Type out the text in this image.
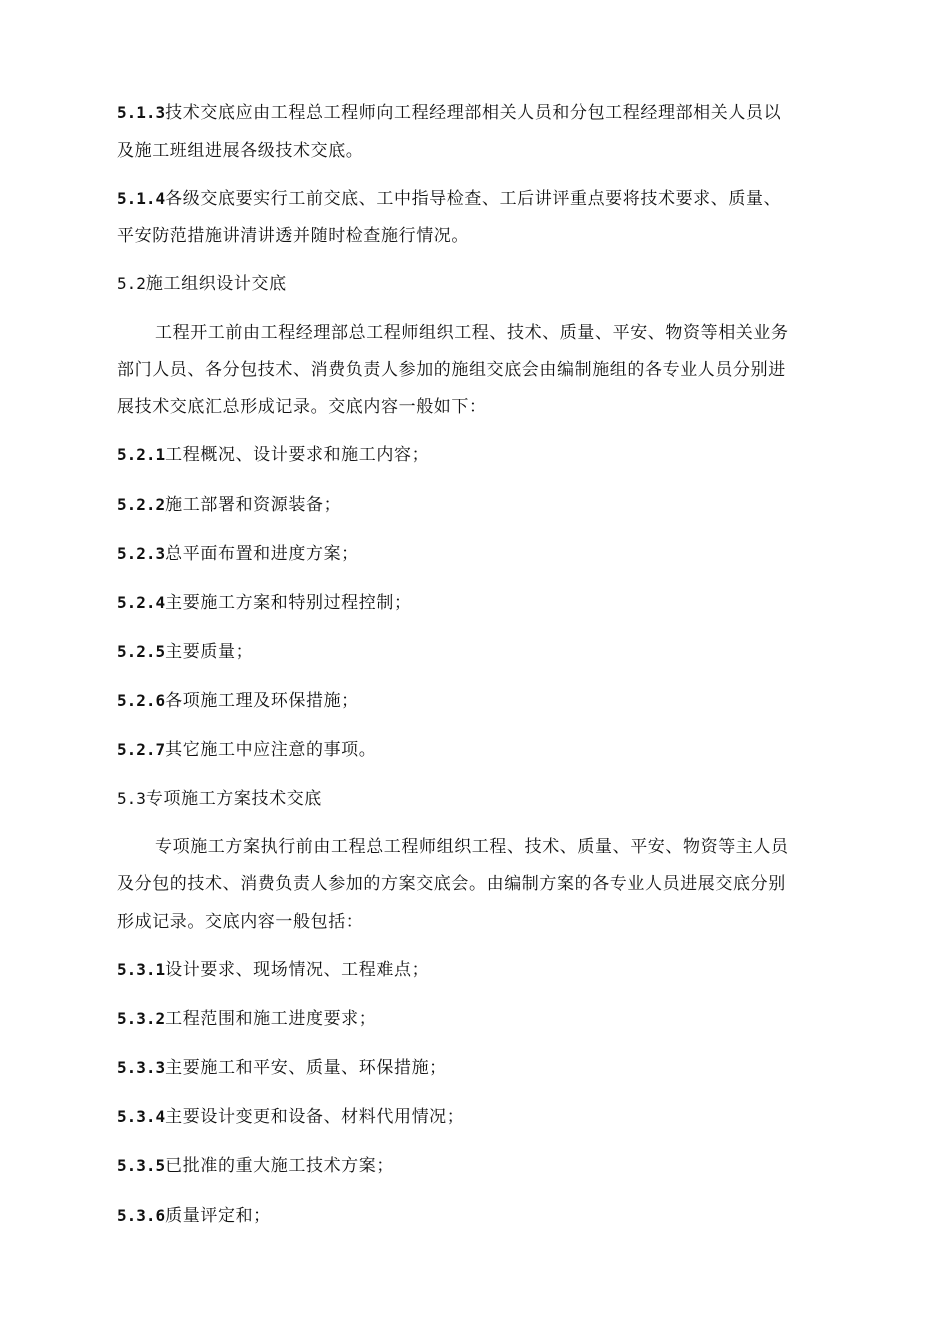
5.1.3技术交底应由工程总工程师向工程经理部相关人员和分包工程经理部相关人员以
及施工班组进展各级技术交底。
5.1.4各级交底要实行工前交底、工中指导检查、工后讲评重点要将技术要求、质量、
平安防范措施讲清讲透并随时检查施行情况。
5.2施工组织设计交底
工程开工前由工程经理部总工程师组织工程、技术、质量、平安、物资等相关业务
部门人员、各分包技术、消费负责人参加的施组交底会由编制施组的各专业人员分别进
展技术交底汇总形成记录。交底内容一般如下：
5.2.1工程概况、设计要求和施工内容；
5.2.2施工部署和资源装备；
5.2.3总平面布置和进度方案；
5.2.4主要施工方案和特别过程控制；
5.2.5主要质量；
5.2.6各项施工理及环保措施；
5.2.7其它施工中应注意的事项。
5.3专项施工方案技术交底
专项施工方案执行前由工程总工程师组织工程、技术、质量、平安、物资等主人员
及分包的技术、消费负责人参加的方案交底会。由编制方案的各专业人员进展交底分别
形成记录。交底内容一般包括：
5.3.1设计要求、现场情况、工程难点；
5.3.2工程范围和施工进度要求；
5.3.3主要施工和平安、质量、环保措施；
5.3.4主要设计变更和设备、材料代用情况；
5.3.5已批准的重大施工技术方案；
5.3.6质量评定和；
